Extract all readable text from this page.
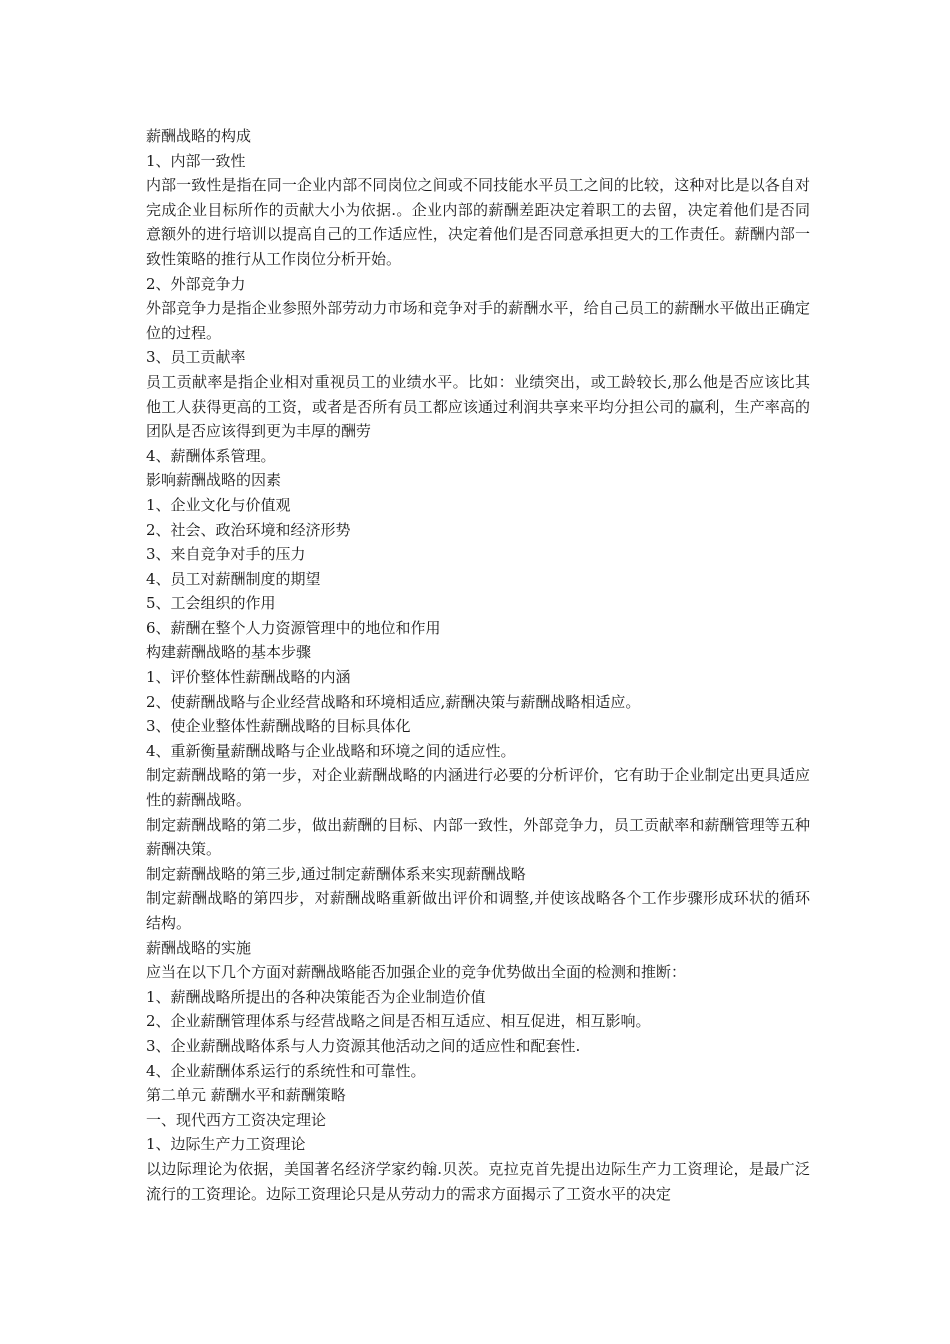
薪酬战略的构成

1、内部一致性

内部一致性是指在同一企业内部不同岗位之间或不同技能水平员工之间的比较，这种对比是以各自对完成企业目标所作的贡献大小为依据.。企业内部的薪酬差距决定着职工的去留，决定着他们是否同意额外的进行培训以提高自己的工作适应性，决定着他们是否同意承担更大的工作责任。薪酬内部一致性策略的推行从工作岗位分析开始。

2、外部竞争力

外部竞争力是指企业参照外部劳动力市场和竞争对手的薪酬水平，给自己员工的薪酬水平做出正确定位的过程。

3、员工贡献率

员工贡献率是指企业相对重视员工的业绩水平。比如：业绩突出，或工龄较长,那么他是否应该比其他工人获得更高的工资，或者是否所有员工都应该通过利润共享来平均分担公司的赢利，生产率高的团队是否应该得到更为丰厚的酬劳

4、薪酬体系管理。

影响薪酬战略的因素

1、企业文化与价值观

2、社会、政治环境和经济形势

3、来自竞争对手的压力

4、员工对薪酬制度的期望

5、工会组织的作用

6、薪酬在整个人力资源管理中的地位和作用

构建薪酬战略的基本步骤

1、评价整体性薪酬战略的内涵

2、使薪酬战略与企业经营战略和环境相适应,薪酬决策与薪酬战略相适应。

3、使企业整体性薪酬战略的目标具体化

4、重新衡量薪酬战略与企业战略和环境之间的适应性。

制定薪酬战略的第一步，对企业薪酬战略的内涵进行必要的分析评价，它有助于企业制定出更具适应性的薪酬战略。

制定薪酬战略的第二步，做出薪酬的目标、内部一致性，外部竞争力，员工贡献率和薪酬管理等五种薪酬决策。

制定薪酬战略的第三步,通过制定薪酬体系来实现薪酬战略

制定薪酬战略的第四步，对薪酬战略重新做出评价和调整,并使该战略各个工作步骤形成环状的循环结构。

薪酬战略的实施

应当在以下几个方面对薪酬战略能否加强企业的竞争优势做出全面的检测和推断：

1、薪酬战略所提出的各种决策能否为企业制造价值

2、企业薪酬管理体系与经营战略之间是否相互适应、相互促进，相互影响。

3、企业薪酬战略体系与人力资源其他活动之间的适应性和配套性.

4、企业薪酬体系运行的系统性和可靠性。

第二单元 薪酬水平和薪酬策略

一、现代西方工资决定理论

1、边际生产力工资理论

以边际理论为依据，美国著名经济学家约翰.贝茨。克拉克首先提出边际生产力工资理论，是最广泛流行的工资理论。边际工资理论只是从劳动力的需求方面揭示了工资水平的决定
